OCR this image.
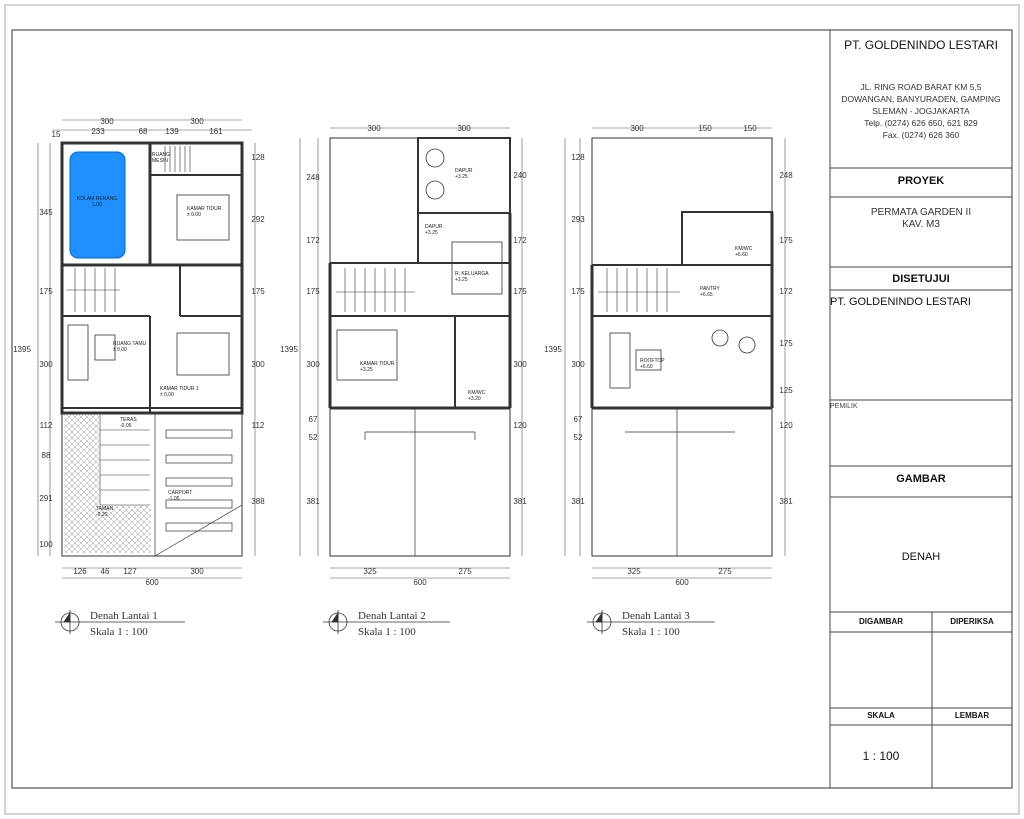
KOLAM RENANG 1.00
RUANG MESIN
KAMAR TIDUR ± 0.00
RUANG TAMU ± 0,00
KAMAR TIDUR 1 ± 0,00
TERAS -0.05
CARPORT -1.05
TAMAN -0.20
300	300
15	233	68 139	161
1395
345
175
300
112
88
291
100
128
292
175
300
112
388
126 46 127	300
600
DAPUR +3.25
DAPUR +3.25
R. KELUARGA +3.25
KAMAR TIDUR +3.25
KM/WC +3.20
300	300
1395
248
172
175
300
67
52
381
240
172
175
300
120
381
325	275
600
KM/WC +6.60
PANTRY +6.65
ROOFTOP +6.60
300	150	150
1395
128
293
175
300
67
52
381
248
175
172
175
125
120
381
325	275
600
Denah Lantai 1
Skala 1 : 100
Denah Lantai 2
Skala 1 : 100
Denah Lantai 3
Skala 1 : 100
PT. GOLDENINDO LESTARI
JL. RING ROAD BARAT KM 5,5
DOWANGAN, BANYURADEN, GAMPING
SLEMAN - JOGJAKARTA
Telp. (0274) 626 650, 621 829
Fax. (0274) 626 360
PROYEK
PERMATA GARDEN II
KAV. M3
DISETUJUI
PT. GOLDENINDO LESTARI
PEMILIK
GAMBAR
DENAH
DIGAMBAR	DIPERIKSA
SKALA	LEMBAR
1 : 100
